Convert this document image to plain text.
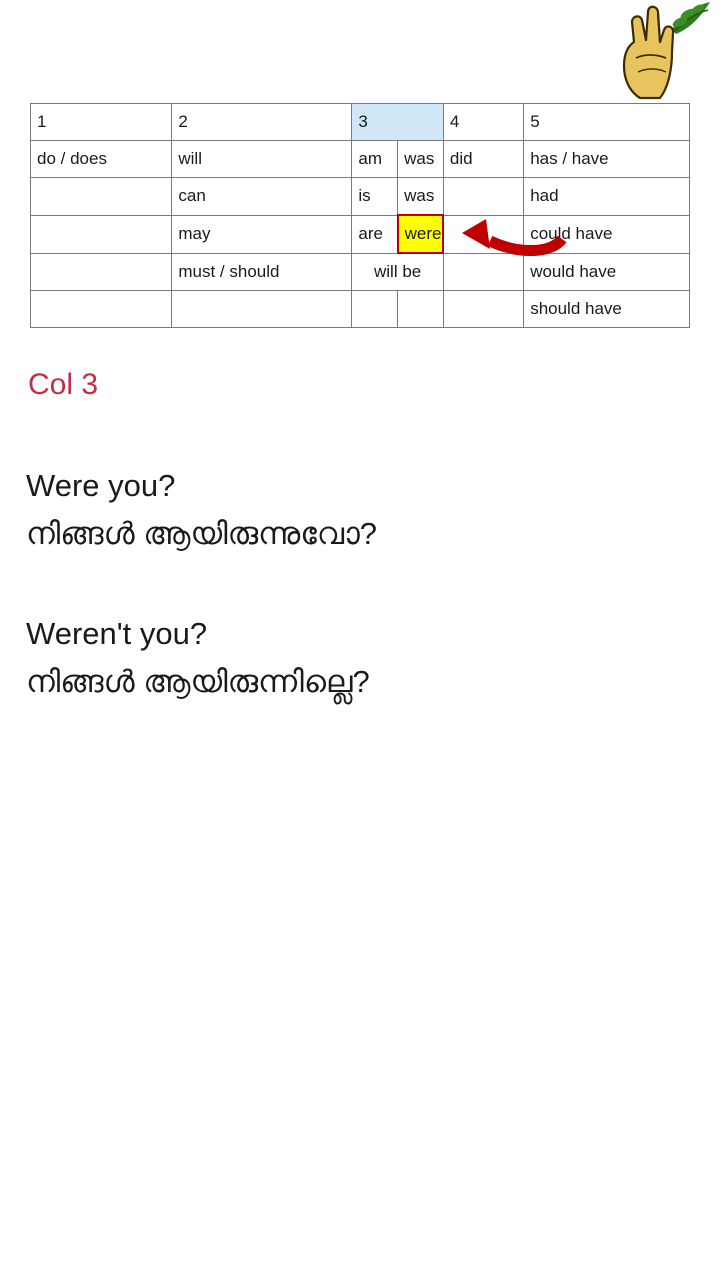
1	2	3		4	5
do / does	will	am	was	did	has / have
	can	is	was		had
	may	are	were		could have
	must / should	will be			would have
					should have
Col 3
Were you?
നിങ്ങൾ ആയിരുന്നുവോ?
Weren't you?
നിങ്ങൾ ആയിരുന്നില്ലെ?
